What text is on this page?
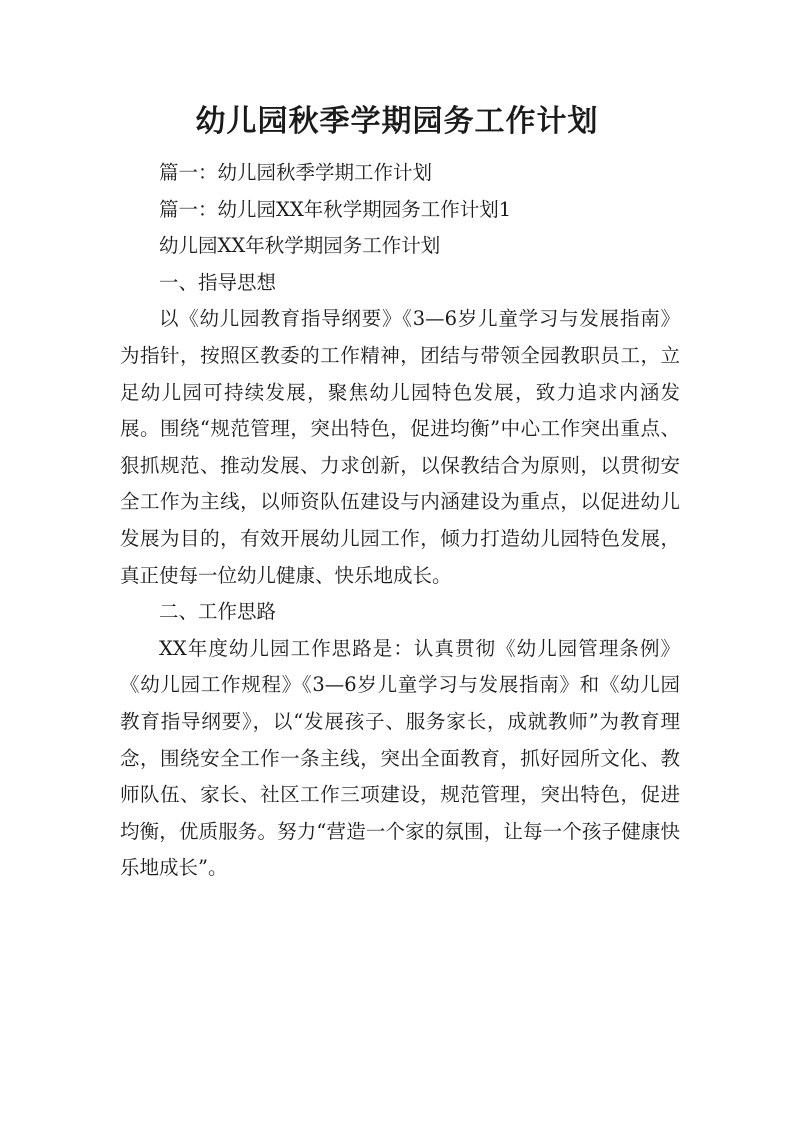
幼儿园秋季学期园务工作计划

篇一：幼儿园秋季学期工作计划

篇一：幼儿园XX年秋学期园务工作计划1

幼儿园XX年秋学期园务工作计划

一、指导思想

以《幼儿园教育指导纲要》《3—6岁儿童学习与发展指南》为指针，按照区教委的工作精神，团结与带领全园教职员工，立足幼儿园可持续发展，聚焦幼儿园特色发展，致力追求内涵发展。围绕“规范管理，突出特色，促进均衡”中心工作突出重点、狠抓规范、推动发展、力求创新，以保教结合为原则，以贯彻安全工作为主线，以师资队伍建设与内涵建设为重点，以促进幼儿发展为目的，有效开展幼儿园工作，倾力打造幼儿园特色发展，真正使每一位幼儿健康、快乐地成长。

二、工作思路

XX年度幼儿园工作思路是：认真贯彻《幼儿园管理条例》《幼儿园工作规程》《3—6岁儿童学习与发展指南》和《幼儿园教育指导纲要》，以“发展孩子、服务家长，成就教师”为教育理念，围绕安全工作一条主线，突出全面教育，抓好园所文化、教师队伍、家长、社区工作三项建设，规范管理，突出特色，促进均衡，优质服务。努力“营造一个家的氛围，让每一个孩子健康快乐地成长”。
